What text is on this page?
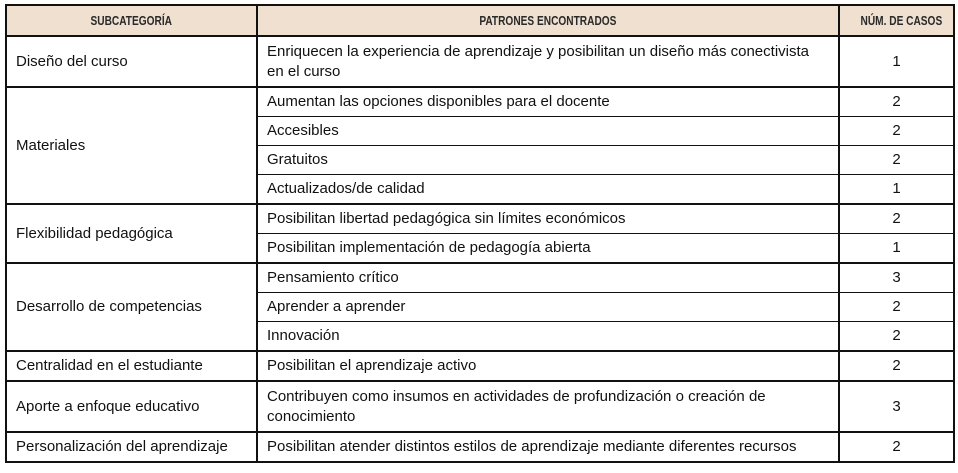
SUBCATEGORÍA	PATRONES ENCONTRADOS	NÚM. DE CASOS
Diseño del curso	Enriquecen la experiencia de aprendizaje y posibilitan un diseño más conectivista en el curso	1
Materiales	Aumentan las opciones disponibles para el docente	2
	Accesibles	2
	Gratuitos	2
	Actualizados/de calidad	1
Flexibilidad pedagógica	Posibilitan libertad pedagógica sin límites económicos	2
	Posibilitan implementación de pedagogía abierta	1
Desarrollo de competencias	Pensamiento crítico	3
	Aprender a aprender	2
	Innovación	2
Centralidad en el estudiante	Posibilitan el aprendizaje activo	2
Aporte a enfoque educativo	Contribuyen como insumos en actividades de profundización o creación de conocimiento	3
Personalización del aprendizaje	Posibilitan atender distintos estilos de aprendizaje mediante diferentes recursos	2
